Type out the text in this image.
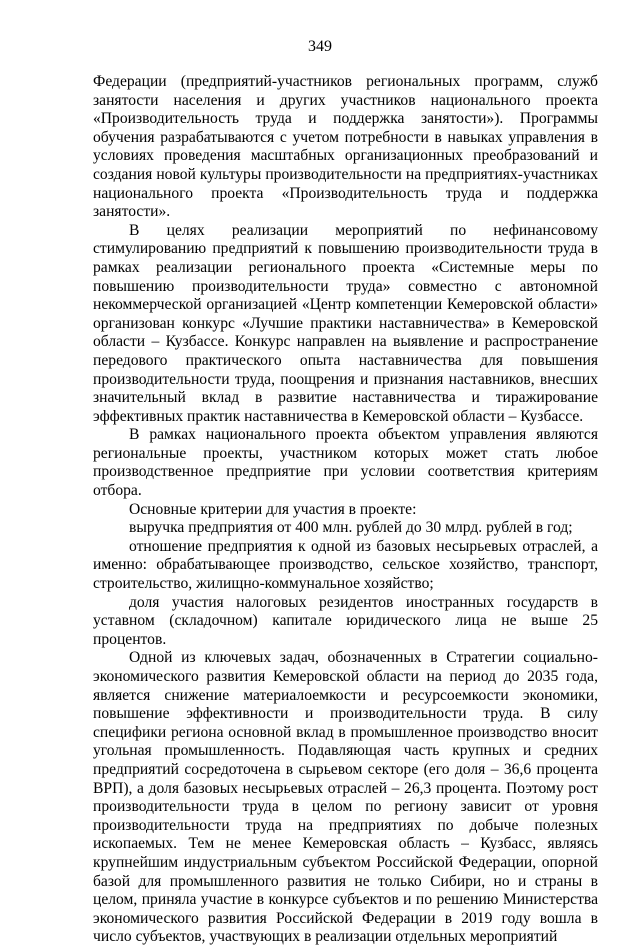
349

Федерации (предприятий-участников региональных программ, служб занятости населения и других участников национального проекта «Производительность труда и поддержка занятости»). Программы обучения разрабатываются с учетом потребности в навыках управления в условиях проведения масштабных организационных преобразований и создания новой культуры производительности на предприятиях-участниках национального проекта «Производительность труда и поддержка занятости».

В целях реализации мероприятий по нефинансовому стимулированию предприятий к повышению производительности труда в рамках реализации регионального проекта «Системные меры по повышению производительности труда» совместно с автономной некоммерческой организацией «Центр компетенции Кемеровской области» организован конкурс «Лучшие практики наставничества» в Кемеровской области – Кузбассе. Конкурс направлен на выявление и распространение передового практического опыта наставничества для повышения производительности труда, поощрения и признания наставников, внесших значительный вклад в развитие наставничества и тиражирование эффективных практик наставничества в Кемеровской области – Кузбассе.

В рамках национального проекта объектом управления являются региональные проекты, участником которых может стать любое производственное предприятие при условии соответствия критериям отбора.

Основные критерии для участия в проекте:

выручка предприятия от 400 млн. рублей до 30 млрд. рублей в год;

отношение предприятия к одной из базовых несырьевых отраслей, а именно: обрабатывающее производство, сельское хозяйство, транспорт, строительство, жилищно-коммунальное хозяйство;

доля участия налоговых резидентов иностранных государств в уставном (складочном) капитале юридического лица не выше 25 процентов.

Одной из ключевых задач, обозначенных в Стратегии социально-экономического развития Кемеровской области на период до 2035 года, является снижение материалоемкости и ресурсоемкости экономики, повышение эффективности и производительности труда. В силу специфики региона основной вклад в промышленное производство вносит угольная промышленность. Подавляющая часть крупных и средних предприятий сосредоточена в сырьевом секторе (его доля – 36,6 процента ВРП), а доля базовых несырьевых отраслей – 26,3 процента. Поэтому рост производительности труда в целом по региону зависит от уровня производительности труда на предприятиях по добыче полезных ископаемых. Тем не менее Кемеровская область – Кузбасс, являясь крупнейшим индустриальным субъектом Российской Федерации, опорной базой для промышленного развития не только Сибири, но и страны в целом, приняла участие в конкурсе субъектов и по решению Министерства экономического развития Российской Федерации в 2019 году вошла в число субъектов, участвующих в реализации отдельных мероприятий
